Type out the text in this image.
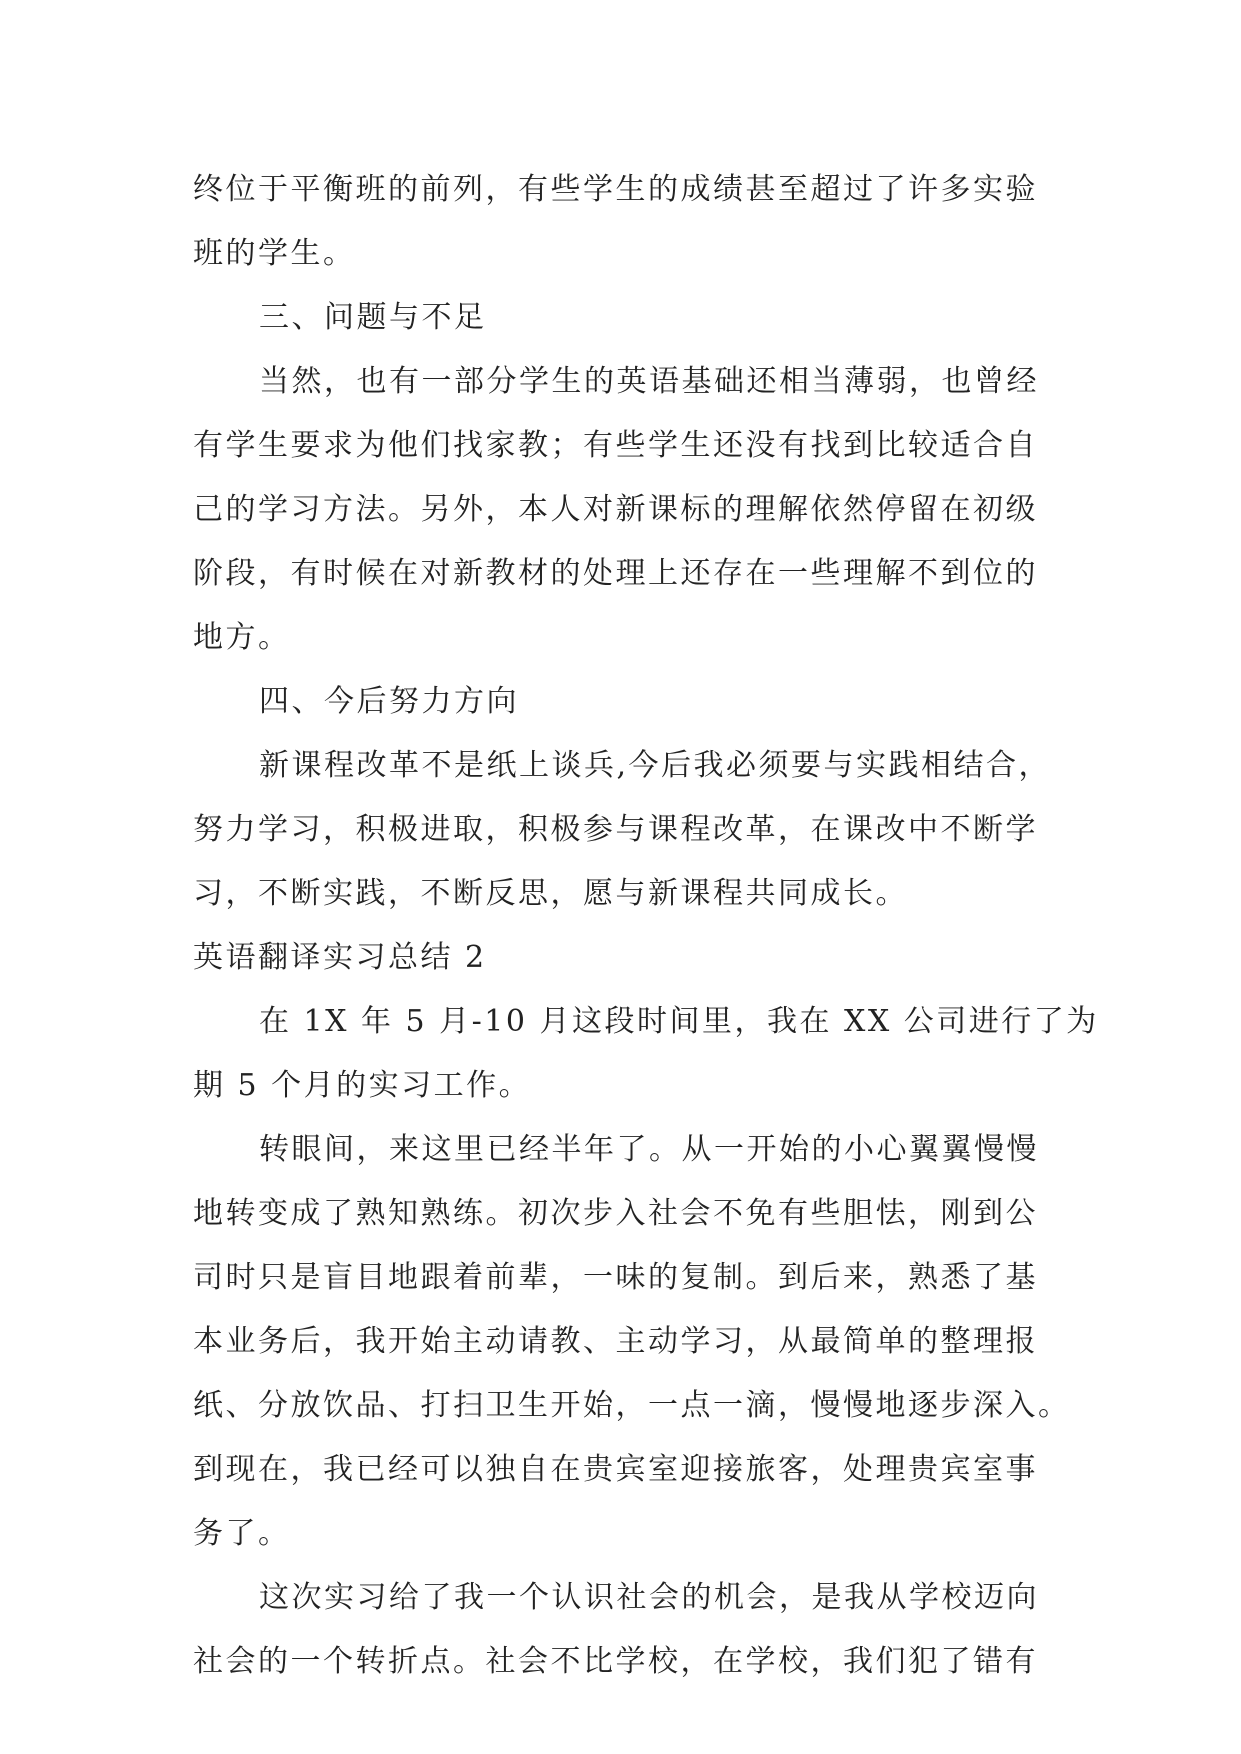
终位于平衡班的前列，有些学生的成绩甚至超过了许多实验
班的学生。
三、问题与不足
当然，也有一部分学生的英语基础还相当薄弱，也曾经
有学生要求为他们找家教；有些学生还没有找到比较适合自
己的学习方法。另外，本人对新课标的理解依然停留在初级
阶段，有时候在对新教材的处理上还存在一些理解不到位的
地方。
四、今后努力方向
新课程改革不是纸上谈兵,今后我必须要与实践相结合，
努力学习，积极进取，积极参与课程改革，在课改中不断学
习，不断实践，不断反思，愿与新课程共同成长。
英语翻译实习总结 2
在 1X 年 5 月-10 月这段时间里，我在 XX 公司进行了为
期 5 个月的实习工作。
转眼间，来这里已经半年了。从一开始的小心翼翼慢慢
地转变成了熟知熟练。初次步入社会不免有些胆怯，刚到公
司时只是盲目地跟着前辈，一味的复制。到后来，熟悉了基
本业务后，我开始主动请教、主动学习，从最简单的整理报
纸、分放饮品、打扫卫生开始，一点一滴，慢慢地逐步深入。
到现在，我已经可以独自在贵宾室迎接旅客，处理贵宾室事
务了。
这次实习给了我一个认识社会的机会，是我从学校迈向
社会的一个转折点。社会不比学校，在学校，我们犯了错有
